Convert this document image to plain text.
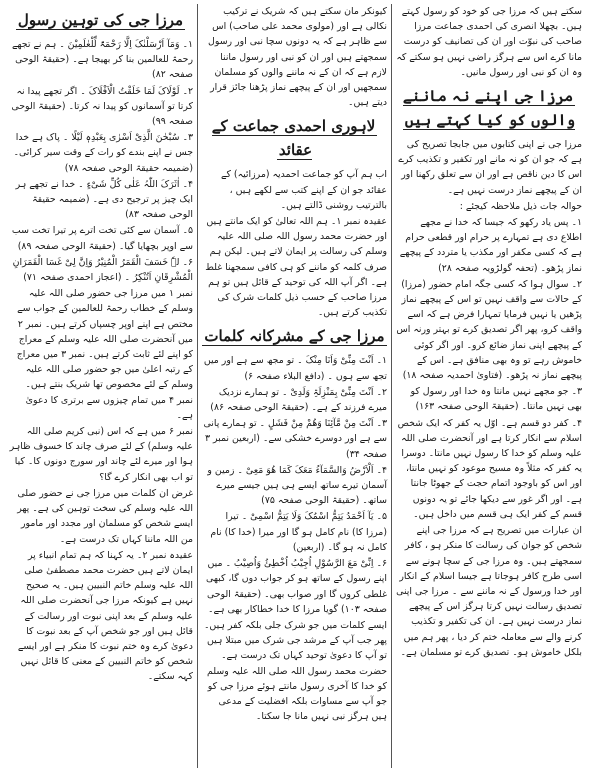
سکتے ہیں کہ مرزا جی کو خود کو رسول کہتے ہیں۔ بچھلا انصری کی احمدی جماعت مرزا صاحب کی نبوّت اور ان کی تصانیف کو درست مانا کرے اس سے ہرگز راضی نہیں ہو سکتے کہ وہ ان کو نبی اور رسول مانیں۔

مرزا جی اپنے نہ ماننے والوں کو کیا کہتے ہیں

مرزا جی نے اپنی کتابوں میں جابجا تصریح کی ہے کہ جو ان کو نہ مانے اور تکفیر و تکذیب کرے اس کا دین ناقص ہے اور ان سے تعلق رکھنا اور ان کے پیچھے نماز درست نہیں ہے۔

حوالہ جات ذیل ملاحظہ کیجئے :

۱۔ پس یاد رکھو کہ جیسا کہ خدا نے مجھے اطلاع دی ہے تمہارے پر حرام اور قطعی حرام ہے کہ کسی مکفر اور مکذب یا متردد کے پیچھے نماز پڑھو۔ (تحفہ گولڑویہ صفحہ ۲۸)

۲۔ سوال ہوا کہ کسی جگہ امام حضور (مرزا) کے حالات سے واقف نہیں تو اس کے پیچھے نماز پڑھیں یا نہیں فرمایا تمہارا فرض ہے کہ اسے واقف کرو، پھر اگر تصدیق کرے تو بہتر ورنہ اس کے پیچھے اپنی نماز ضائع کرو۔ اور اگر کوئی خاموش رہے تو وہ بھی منافق ہے۔ اس کے پیچھے نماز نہ پڑھو۔ (فتاویٰ احمدیہ صفحہ ۱۸)

۳۔ جو مجھے نہیں مانتا وہ خدا اور رسول کو بھی نہیں مانتا۔ (حقیقۃ الوحی صفحہ ۱۶۳)

۴۔ کفر دو قسم ہے۔ اوّل یہ کفر کہ ایک شخص اسلام سے انکار کرتا ہے اور آنحضرت صلی اللہ علیہ وسلم کو خدا کا رسول نہیں مانتا۔ دوسرا یہ کفر کہ مثلاً وہ مسیح موعود کو نہیں مانتا، اور اس کو باوجود اتمام حجت کے جھوٹا جانتا ہے۔ اور اگر غور سے دیکھا جائے تو یہ دونوں قسم کے کفر ایک ہی قسم میں داخل ہیں۔

ان عبارات میں تصریح ہے کہ مرزا جی اپنے شخص کو جوان کی رسالت کا منکر ہو ، کافر سمجھتے ہیں۔ وہ مرزا جی کے سچا ہونے سے اسی طرح کافر ہوجاتا ہے جیسا اسلام کے انکار اور خدا ورسول کے نہ ماننے سے ۔ مرزا جی اپنی تصدیق رسالت نہیں کرتا ہرگز اس کے پیچھے نماز درست نہیں ہے۔ ان کی تکفیر و تکذیب کرنے والے سے معاملہ ختم کر دیا ، پھر ہم میں بلکل خاموش ہو۔ تصدیق کرے تو مسلمان ہے۔

کیونکر مان سکتے ہیں کہ شریک نے ترکیب نکالی ہے اور (مولوی محمد علی صاحب) اس سے ظاہر ہے کہ یہ دونوں سچا نبی اور رسول سمجھتے ہیں اور ان کو نبی اور رسول ماننا لازم ہے کہ ان کے نہ ماننے والوں کو مسلمان سمجھیں اور ان کے پیچھے نماز پڑھنا جائز قرار دیتے ہیں۔

لاہوری احمدی جماعت کے عقائد

اب ہم آپ کو جماعت احمدیہ (مرزائیہ) کے عقائد جو ان کے اپنے کتب سے لکھے ہیں ، بالترتیب روشنی ڈالتے ہیں۔

عقیدہ نمبر ۱۔ ہم اللہ تعالیٰ کو ایک مانتے ہیں اور حضرت محمد رسول اللہ صلی اللہ علیہ وسلم کی رسالت پر ایمان لاتے ہیں۔ لیکن ہم صرف کلمہ کو ماننے کو ہی کافی سمجھنا غلط ہے۔ اگر آپ اللہ کی توحید کے قائل ہیں تو ہم مرزا صاحب کے حسب ذیل کلمات شرک کی تکذیب کرتے ہیں۔

مرزا جی کے مشرکانہ کلمات

۱۔ اَنْتَ مِنِّیْ وَاَنَا مِنْکَ ۔ تو مجھ سے ہے اور میں تجھ سے ہوں ۔ (دافع البلاء صفحہ ۶)

۲۔ اَنْتَ مِنِّیْ بِمَنْزِلَۃِ وَلَدِیْ ۔ تو ہمارے نزدیک میرے فرزند کے ہے۔ (حقیقۃ الوحی صفحہ ۸۶)

۳۔ اَنْتَ مِنْ مَّآئِنَا وَھُمْ مِنْ فَشَلٍ ۔ تو ہمارے پانی سے ہے اور دوسرے خشکی سے۔ (اربعین نمبر ۳ صفحہ ۳۴)

۴۔ اَلْاَرْضُ وَالسَّمَآءُ مَعَکَ کَمَا ھُوَ مَعِیْ ۔ زمین و آسمان تیرے ساتھ ایسے ہی ہیں جیسے میرے ساتھ۔ (حقیقۃ الوحی صفحہ ۷۵)

۵۔ یَآ اَحْمَدُ یَتِمُّ اسْمُکَ وَلَا یَتِمُّ اسْمِیْ ۔ تیرا (مرزا کا) نام کامل ہو گا اور میرا (خدا کا) نام کامل نہ ہو گا۔ (اربعین)

۶۔ اِنِّیْ مَعَ الرَّسُوْلِ اُجِیْبُ اُخْطِئُ وَاُصِیْبُ ۔ میں اپنے رسول کے ساتھ ہو کر جواب دوں گا، کبھی غلطی کروں گا اور صواب بھی۔ (حقیقۃ الوحی صفحہ ۱۰۳) گویا مرزا کا خدا خطاکار بھی ہے۔

ایسے کلمات میں جو شرک جلی بلکہ کفر ہیں۔ پھر جب آپ کے مرشد جی شرک میں مبتلا ہیں تو آپ کا دعویٰ توحید کہاں تک درست ہے۔ حضرت محمد رسول اللہ صلی اللہ علیہ وسلم کو خدا کا آخری رسول مانتے ہوئے مرزا جی کو جو آپ سے مساوات بلکہ افضلیت کے مدعی ہیں ہرگز نبی نہیں مانا جا سکتا۔

مرزا جی کی توہین رسول

۱۔ وَمَآ اَرْسَلْنٰکَ اِلَّا رَحْمَۃً لِّلْعٰلَمِیْنَ ۔ ہم نے تجھے رحمۃ للعالمین بنا کر بھیجا ہے۔ (حقیقۃ الوحی صفحہ ۸۲)

۲۔ لَوْلَاکَ لَمَا خَلَقْتُ الْاَفْلَاکَ ۔ اگر تجھے پیدا نہ کرتا تو آسمانوں کو پیدا نہ کرتا۔ (حقیقۃ الوحی صفحہ ۹۹)

۳۔ سُبْحٰنَ الَّذِیْ اَسْرٰی بِعَبْدِہٖ لَیْلًا ۔ پاک ہے خدا جس نے اپنے بندے کو رات کے وقت سیر کرائی۔ (ضمیمہ حقیقۃ الوحی صفحہ ۷۸)

۴۔ اٰثَرَکَ اللّٰہُ عَلٰی کُلِّ شَیْءٍ ۔ خدا نے تجھے ہر ایک چیز پر ترجیح دی ہے۔ (ضمیمہ حقیقۃ الوحی صفحہ ۸۳)

۵۔ آسمان سے کئی تخت اترے پر تیرا تخت سب سے اوپر بچھایا گیا۔ (حقیقۃ الوحی صفحہ ۸۹)

۶۔ لہٗ خَسَفَ الْقَمَرُ الْمُنِیْرُ وَاِنَّ لِیْ غَسَا الْقَمَرَانِ الْمُشْرِقَانِ اَتُنْکِرُ ۔ (اعجاز احمدی صفحہ ۷۱)

نمبر ۱ میں مرزا جی حضور صلی اللہ علیہ وسلم کے خطاب رحمۃ للعالمین کے جواب سے مختص ہے اپنے اوپر چسپاں کرتے ہیں۔ نمبر ۲ میں آنحضرت صلی اللہ علیہ وسلم کے معراج کو اپنے لئے ثابت کرتے ہیں۔ نمبر ۳ میں معراج کے رتبہ اعلیٰ میں جو حضور صلی اللہ علیہ وسلم کے لئے مخصوص تھا شریک بنتے ہیں۔ نمبر ۴ میں تمام چیزوں سے برتری کا دعویٰ ہے۔

نمبر ۶ میں ہے کہ اس (نبی کریم صلی اللہ علیہ وسلم) کے لئے صرف چاند کا خسوف ظاہر ہوا اور میرے لئے چاند اور سورج دونوں کا۔ کیا تو اب بھی انکار کرے گا؟

غرض ان کلمات میں مرزا جی نے حضور صلی اللہ علیہ وسلم کی سخت توہین کی ہے۔ پھر ایسے شخص کو مسلمان اور مجدد اور مامور من اللہ ماننا کہاں تک درست ہے۔

عقیدہ نمبر ۲۔ یہ کہنا کہ ہم تمام انبیاء پر ایمان لاتے ہیں حضرت محمد مصطفیٰ صلی اللہ علیہ وسلم خاتم النبیین ہیں۔ یہ صحیح نہیں ہے کیونکہ مرزا جی آنحضرت صلی اللہ علیہ وسلم کے بعد اپنی نبوت اور رسالت کے قائل ہیں اور جو شخص آپ کے بعد نبوت کا دعویٰ کرے وہ ختم نبوت کا منکر ہے اور ایسے شخص کو خاتم النبیین کے معنی کا قائل نہیں کہہ سکتے۔
